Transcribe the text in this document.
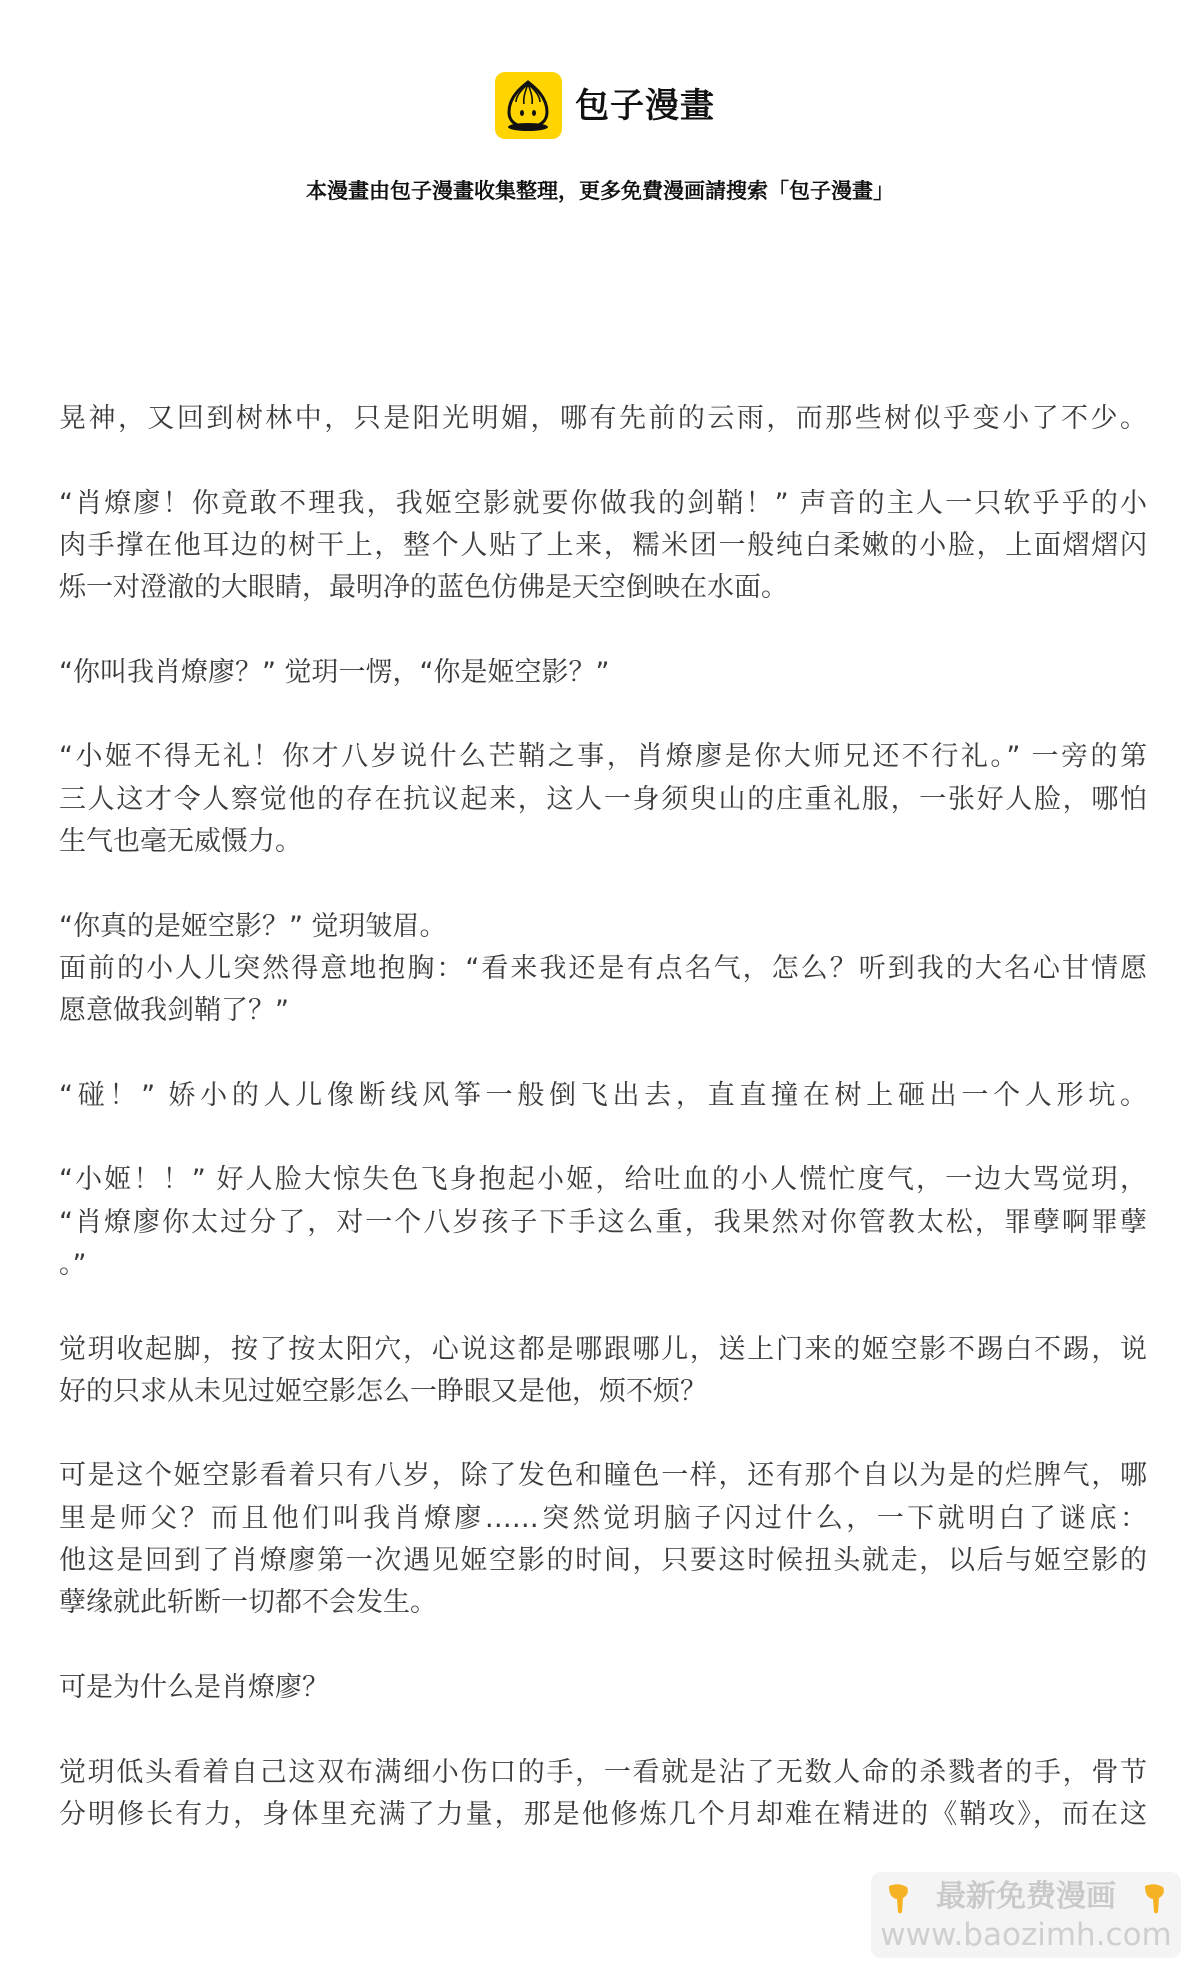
包子漫畫
本漫畫由包子漫畫收集整理，更多免費漫画請搜索「包子漫畫」
晃神，又回到树林中，只是阳光明媚，哪有先前的云雨，而那些树似乎变小了不少。
“肖燎廖！你竟敢不理我，我姬空影就要你做我的剑鞘！” 声音的主人一只软乎乎的小
肉手撑在他耳边的树干上，整个人贴了上来，糯米团一般纯白柔嫩的小脸，上面熠熠闪
烁一对澄澈的大眼睛，最明净的蓝色仿佛是天空倒映在水面。
“你叫我肖燎廖？” 觉玥一愣，“你是姬空影？”
“小姬不得无礼！你才八岁说什么芒鞘之事，肖燎廖是你大师兄还不行礼。” 一旁的第
三人这才令人察觉他的存在抗议起来，这人一身须臾山的庄重礼服，一张好人脸，哪怕
生气也毫无威慑力。
“你真的是姬空影？” 觉玥皱眉。
面前的小人儿突然得意地抱胸：“看来我还是有点名气，怎么？听到我的大名心甘情愿
愿意做我剑鞘了？”
“碰！” 娇小的人儿像断线风筝一般倒飞出去，直直撞在树上砸出一个人形坑。
“小姬！！” 好人脸大惊失色飞身抱起小姬，给吐血的小人慌忙度气，一边大骂觉玥，
“肖燎廖你太过分了，对一个八岁孩子下手这么重，我果然对你管教太松，罪孽啊罪孽
。”
觉玥收起脚，按了按太阳穴，心说这都是哪跟哪儿，送上门来的姬空影不踢白不踢，说
好的只求从未见过姬空影怎么一睁眼又是他，烦不烦？
可是这个姬空影看着只有八岁，除了发色和瞳色一样，还有那个自以为是的烂脾气，哪
里是师父？而且他们叫我肖燎廖……突然觉玥脑子闪过什么，一下就明白了谜底：
他这是回到了肖燎廖第一次遇见姬空影的时间，只要这时候扭头就走，以后与姬空影的
孽缘就此斩断一切都不会发生。
可是为什么是肖燎廖？
觉玥低头看着自己这双布满细小伤口的手，一看就是沾了无数人命的杀戮者的手，骨节
分明修长有力，身体里充满了力量，那是他修炼几个月却难在精进的《鞘攻》，而在这
最新免费漫画
www.baozimh.com
